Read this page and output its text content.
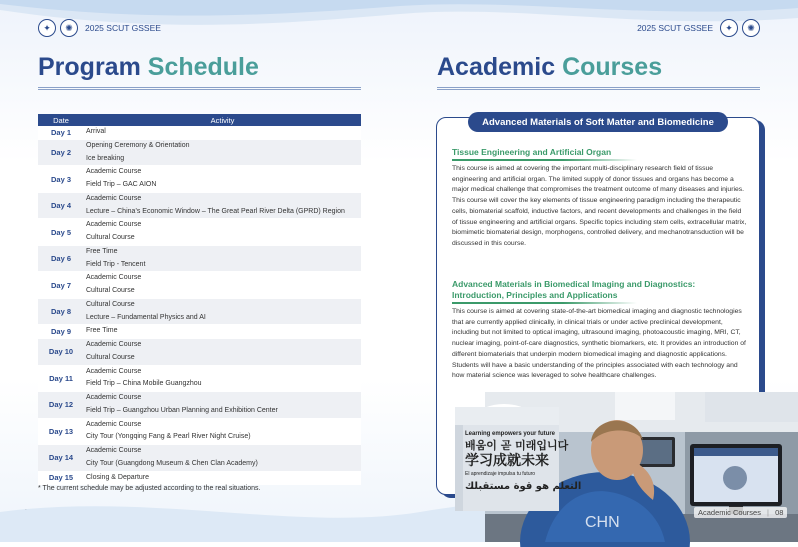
✦	✺	2025 SCUT GSSEE	2025 SCUT GSSEE	✦	✺
Program Schedule	Academic Courses
Date	Activity
Day 1	Arrival
Day 2
Opening Ceremony & Orientation
Ice breaking
Day 3
Academic Course
Field Trip – GAC AION
Day 4
Academic Course
Lecture – China’s Economic Window – The Great Pearl River Delta (GPRD) Region
Day 5
Academic Course
Cultural Course
Day 6
Free Time
Field Trip - Tencent
Day 7
Academic Course
Cultural Course
Day 8
Cultural Course
Lecture – Fundamental Physics and AI
Day 9	Free Time
Day 10
Academic Course
Cultural Course
Day 11
Academic Course
Field Trip – China Mobile Guangzhou
Day 12
Academic Course
Field Trip – Guangzhou Urban Planning and Exhibition Center
Day 13
Academic Course
City Tour (Yongqing Fang & Pearl River Night Cruise)
Day 14
Academic Course
City Tour (Guangdong Museum & Chen Clan Academy)
Day 15	Closing & Departure
* The current schedule may be adjusted according to the real situations.
Advanced Materials of Soft Matter and Biomedicine
Tissue Engineering and Artificial Organ
This course is aimed at covering the important multi-disciplinary research field of tissue engineering and artificial organ. The limited supply of donor tissues and organs has become a major medical challenge that compromises the treatment outcome of many diseases and injuries. This course will cover the key elements of tissue engineering paradigm including the therapeutic cells, biomaterial scaffold, inductive factors, and recent developments and challenges in the field of tissue engineering and artificial organs. Specific topics including stem cells, extracellular matrix, biomimetic biomaterial design, morphogens, controlled delivery, and mechanotransduction will be discussed in this course.
Advanced Materials in Biomedical Imaging and Diagnostics: Introduction, Principles and Applications
This course is aimed at covering state-of-the-art biomedical imaging and diagnostic technologies that are currently applied clinically, in clinical trials or under active preclinical development, including but not limited to optical imaging, ultrasound imaging, photoacoustic imaging, MRI, CT, nuclear imaging, point-of-care diagnostics, synthetic biomarkers, etc. It provides an introduction of different biomaterials that underpin modern biomedical imaging and diagnostic applications. Students will have a basic understanding of the principles associated with each technology and how material science was leveraged to solve healthcare challenges.
CHN
Learning empowers your future
배움이 곧 미래입니다
学习成就未来
El aprendizaje impulsa tu futuro
التعلم هو قوة مستقبلك
Academic Courses | 08
